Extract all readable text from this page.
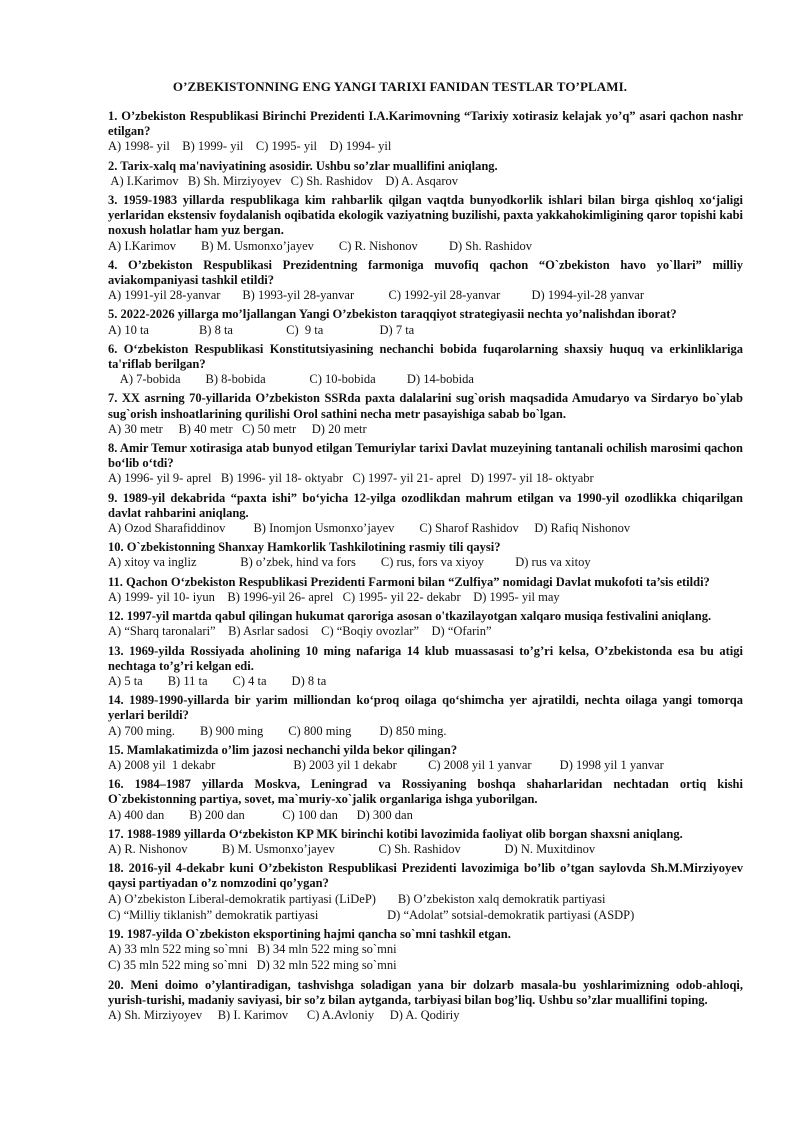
O’ZBEKISTONNING ENG YANGI TARIXI FANIDAN TESTLAR TO’PLAMI.
1. O’zbekiston Respublikasi Birinchi Prezidenti I.A.Karimovning “Tarixiy xotirasiz kelajak yo’q” asari qachon nashr etilgan?
A) 1998- yil    B) 1999- yil    C) 1995- yil    D) 1994- yil
2. Tarix-xalq ma'naviyatining asosidir. Ushbu so’zlar muallifini aniqlang.
A) I.Karimov   B) Sh. Mirziyoyev   C) Sh. Rashidov    D) A. Asqarov
3. 1959-1983 yillarda respublikaga kim rahbarlik qilgan vaqtda bunyodkorlik ishlari bilan birga qishloq xo‘jaligi yerlaridan ekstensiv foydalanish oqibatida ekologik vaziyatning buzilishi, paxta yakkahokimligining qaror topishi kabi noxush holatlar ham yuz bergan.
A) I.Karimov        B) M. Usmonxo’jayev        C) R. Nishonov          D) Sh. Rashidov
4. O’zbekiston Respublikasi Prezidentning farmoniga muvofiq qachon “O`zbekiston havo yo`llari” milliy aviakompaniyasi tashkil etildi?
A) 1991-yil 28-yanvar       B) 1993-yil 28-yanvar           C) 1992-yil 28-yanvar          D) 1994-yil-28 yanvar
5. 2022-2026 yillarga mo’ljallangan Yangi O’zbekiston taraqqiyot strategiyasii nechta yo’nalishdan iborat?
A) 10 ta                B) 8 ta                 C)  9 ta                  D) 7 ta
6. O‘zbekiston Respublikasi Konstitutsiyasining nechanchi bobida fuqarolarning shaxsiy huquq va erkinliklariga ta'riflab berilgan?
A) 7-bobida        B) 8-bobida              C) 10-bobida          D) 14-bobida
7. XX asrning 70-yillarida O’zbekiston SSRda paxta dalalarini sug`orish maqsadida Amudaryo va Sirdaryo bo`ylab sug`orish inshoatlarining qurilishi Orol sathini necha metr pasayishiga sabab bo`lgan.
A) 30 metr     B) 40 metr   C) 50 metr     D) 20 metr
8. Amir Temur xotirasiga atab bunyod etilgan Temuriylar tarixi Davlat muzeyining tantanali ochilish marosimi qachon bo‘lib o‘tdi?
A) 1996- yil 9- aprel   B) 1996- yil 18- oktyabr   C) 1997- yil 21- aprel   D) 1997- yil 18- oktyabr
9. 1989-yil dekabrida “paxta ishi” bo‘yicha 12-yilga ozodlikdan mahrum etilgan va 1990-yil ozodlikka chiqarilgan davlat rahbarini aniqlang.
A) Ozod Sharafiddinov         B) Inomjon Usmonxo’jayev        C) Sharof Rashidov     D) Rafiq Nishonov
10. O`zbekistonning Shanxay Hamkorlik Tashkilotining rasmiy tili qaysi?
A) xitoy va ingliz              B) o’zbek, hind va fors        C) rus, fors va xiyoy          D) rus va xitoy
11. Qachon O‘zbekiston Respublikasi Prezidenti Farmoni bilan “Zulfiya” nomidagi Davlat mukofoti ta’sis etildi?
A) 1999- yil 10- iyun    B) 1996-yil 26- aprel   C) 1995- yil 22- dekabr    D) 1995- yil may
12. 1997-yil martda qabul qilingan hukumat qaroriga asosan o'tkazilayotgan xalqaro musiqa festivalini aniqlang.
A) “Sharq taronalari”    B) Asrlar sadosi    C) “Boqiy ovozlar”    D) “Ofarin”
13. 1969-yilda Rossiyada aholining 10 ming nafariga 14 klub muassasasi to’g’ri kelsa, O’zbekistonda esa bu atigi nechtaga to’g’ri kelgan edi.
A) 5 ta        B) 11 ta        C) 4 ta        D) 8 ta
14. 1989-1990-yillarda bir yarim milliondan ko‘proq oilaga qo‘shimcha yer ajratildi, nechta oilaga yangi tomorqa yerlari berildi?
A) 700 ming.        B) 900 ming        C) 800 ming         D) 850 ming.
15. Mamlakatimizda o’lim jazosi nechanchi yilda bekor qilingan?
A) 2008 yil  1 dekabr                         B) 2003 yil 1 dekabr          C) 2008 yil 1 yanvar         D) 1998 yil 1 yanvar
16. 1984–1987 yillarda Moskva, Leningrad va Rossiyaning boshqa shaharlaridan nechtadan ortiq kishi O`zbekistonning partiya, sovet, ma`muriy-xo`jalik organlariga ishga yuborilgan.
A) 400 dan        B) 200 dan            C) 100 dan      D) 300 dan
17. 1988-1989 yillarda O‘zbekiston KP MK birinchi kotibi lavozimida faoliyat olib borgan shaxsni aniqlang.
A) R. Nishonov           B) M. Usmonxo’jayev              C) Sh. Rashidov              D) N. Muxitdinov
18. 2016-yil 4-dekabr kuni O’zbekiston Respublikasi Prezidenti lavozimiga bo’lib o’tgan saylovda Sh.M.Mirziyoyev qaysi partiyadan o’z nomzodini qo’ygan?
A) O’zbekiston Liberal-demokratik partiyasi (LiDeP)       B) O’zbekiston xalq demokratik partiyasi
C) “Milliy tiklanish” demokratik partiyasi                      D) “Adolat” sotsial-demokratik partiyasi (ASDP)
19. 1987-yilda O`zbekiston eksportining hajmi qancha so`mni tashkil etgan.
A) 33 mln 522 ming so`mni   B) 34 mln 522 ming so`mni
C) 35 mln 522 ming so`mni   D) 32 mln 522 ming so`mni
20. Meni doimo o’ylantiradigan, tashvishga soladigan yana bir dolzarb masala-bu yoshlarimizning odob-ahloqi, yurish-turishi, madaniy saviyasi, bir so’z bilan aytganda, tarbiyasi bilan bog’liq. Ushbu so’zlar muallifini toping.
A) Sh. Mirziyoyev     B) I. Karimov      C) A.Avloniy     D) A. Qodiriy
